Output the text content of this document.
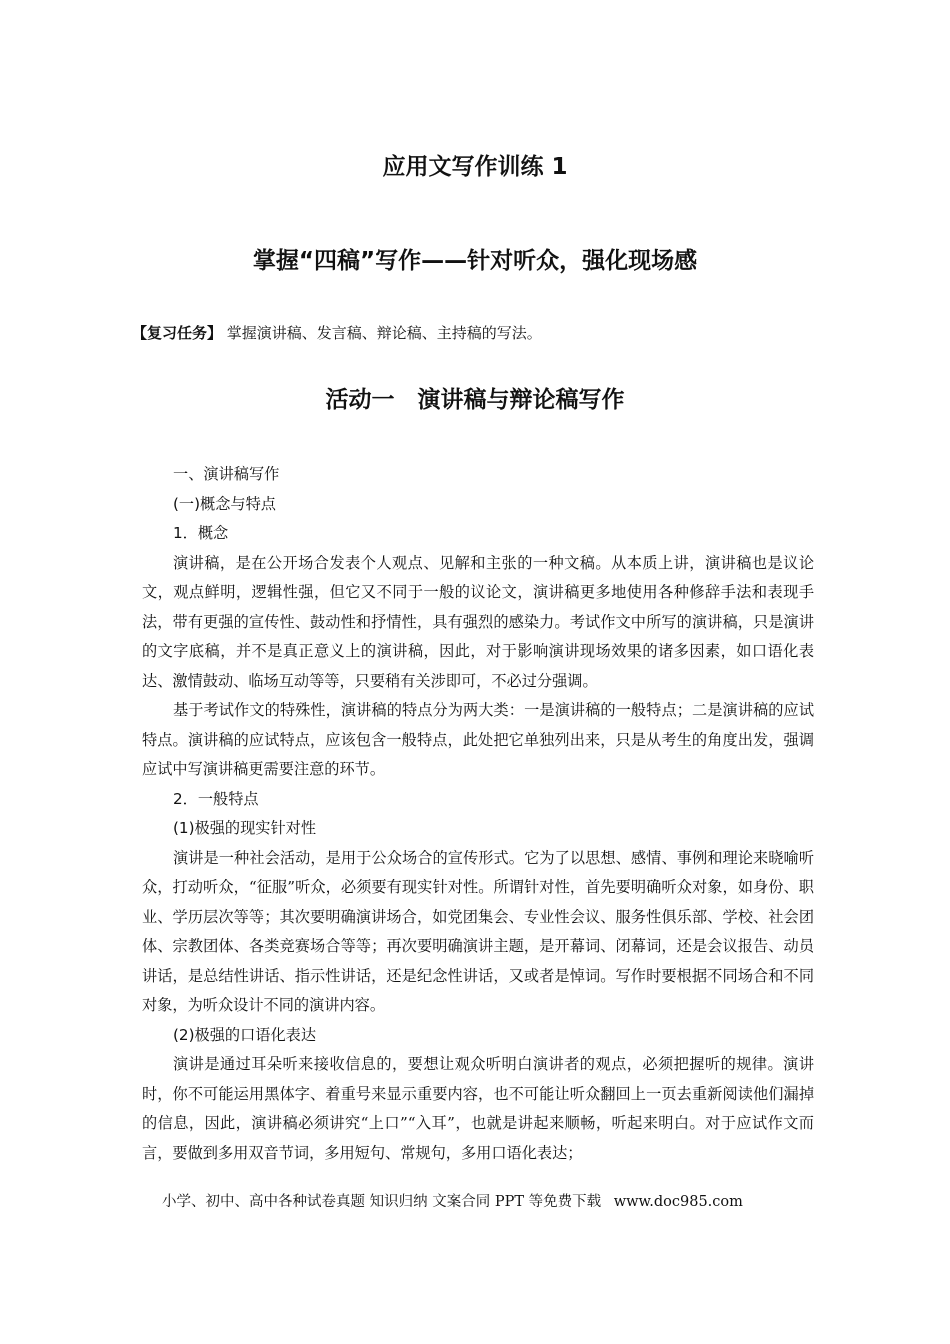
应用文写作训练 1
掌握“四稿”写作——针对听众，强化现场感
【复习任务】 掌握演讲稿、发言稿、辩论稿、主持稿的写法。
活动一　演讲稿与辩论稿写作

一、演讲稿写作

(一)概念与特点

1．概念

演讲稿，是在公开场合发表个人观点、见解和主张的一种文稿。从本质上讲，演讲稿也是议论文，观点鲜明，逻辑性强，但它又不同于一般的议论文，演讲稿更多地使用各种修辞手法和表现手法，带有更强的宣传性、鼓动性和抒情性，具有强烈的感染力。考试作文中所写的演讲稿，只是演讲的文字底稿，并不是真正意义上的演讲稿，因此，对于影响演讲现场效果的诸多因素，如口语化表达、激情鼓动、临场互动等等，只要稍有关涉即可，不必过分强调。

基于考试作文的特殊性，演讲稿的特点分为两大类：一是演讲稿的一般特点；二是演讲稿的应试特点。演讲稿的应试特点，应该包含一般特点，此处把它单独列出来，只是从考生的角度出发，强调应试中写演讲稿更需要注意的环节。

2．一般特点

(1)极强的现实针对性

演讲是一种社会活动，是用于公众场合的宣传形式。它为了以思想、感情、事例和理论来晓喻听众，打动听众，“征服”听众，必须要有现实针对性。所谓针对性，首先要明确听众对象，如身份、职业、学历层次等等；其次要明确演讲场合，如党团集会、专业性会议、服务性俱乐部、学校、社会团体、宗教团体、各类竞赛场合等等；再次要明确演讲主题，是开幕词、闭幕词，还是会议报告、动员讲话，是总结性讲话、指示性讲话，还是纪念性讲话，又或者是悼词。写作时要根据不同场合和不同对象，为听众设计不同的演讲内容。

(2)极强的口语化表达

演讲是通过耳朵听来接收信息的，要想让观众听明白演讲者的观点，必须把握听的规律。演讲时，你不可能运用黑体字、着重号来显示重要内容，也不可能让听众翻回上一页去重新阅读他们漏掉的信息，因此，演讲稿必须讲究“上口”“入耳”，也就是讲起来顺畅，听起来明白。对于应试作文而言，要做到多用双音节词，多用短句、常规句，多用口语化表达；

小学、初中、高中各种试卷真题 知识归纳 文案合同 PPT 等免费下载 www.doc985.com
